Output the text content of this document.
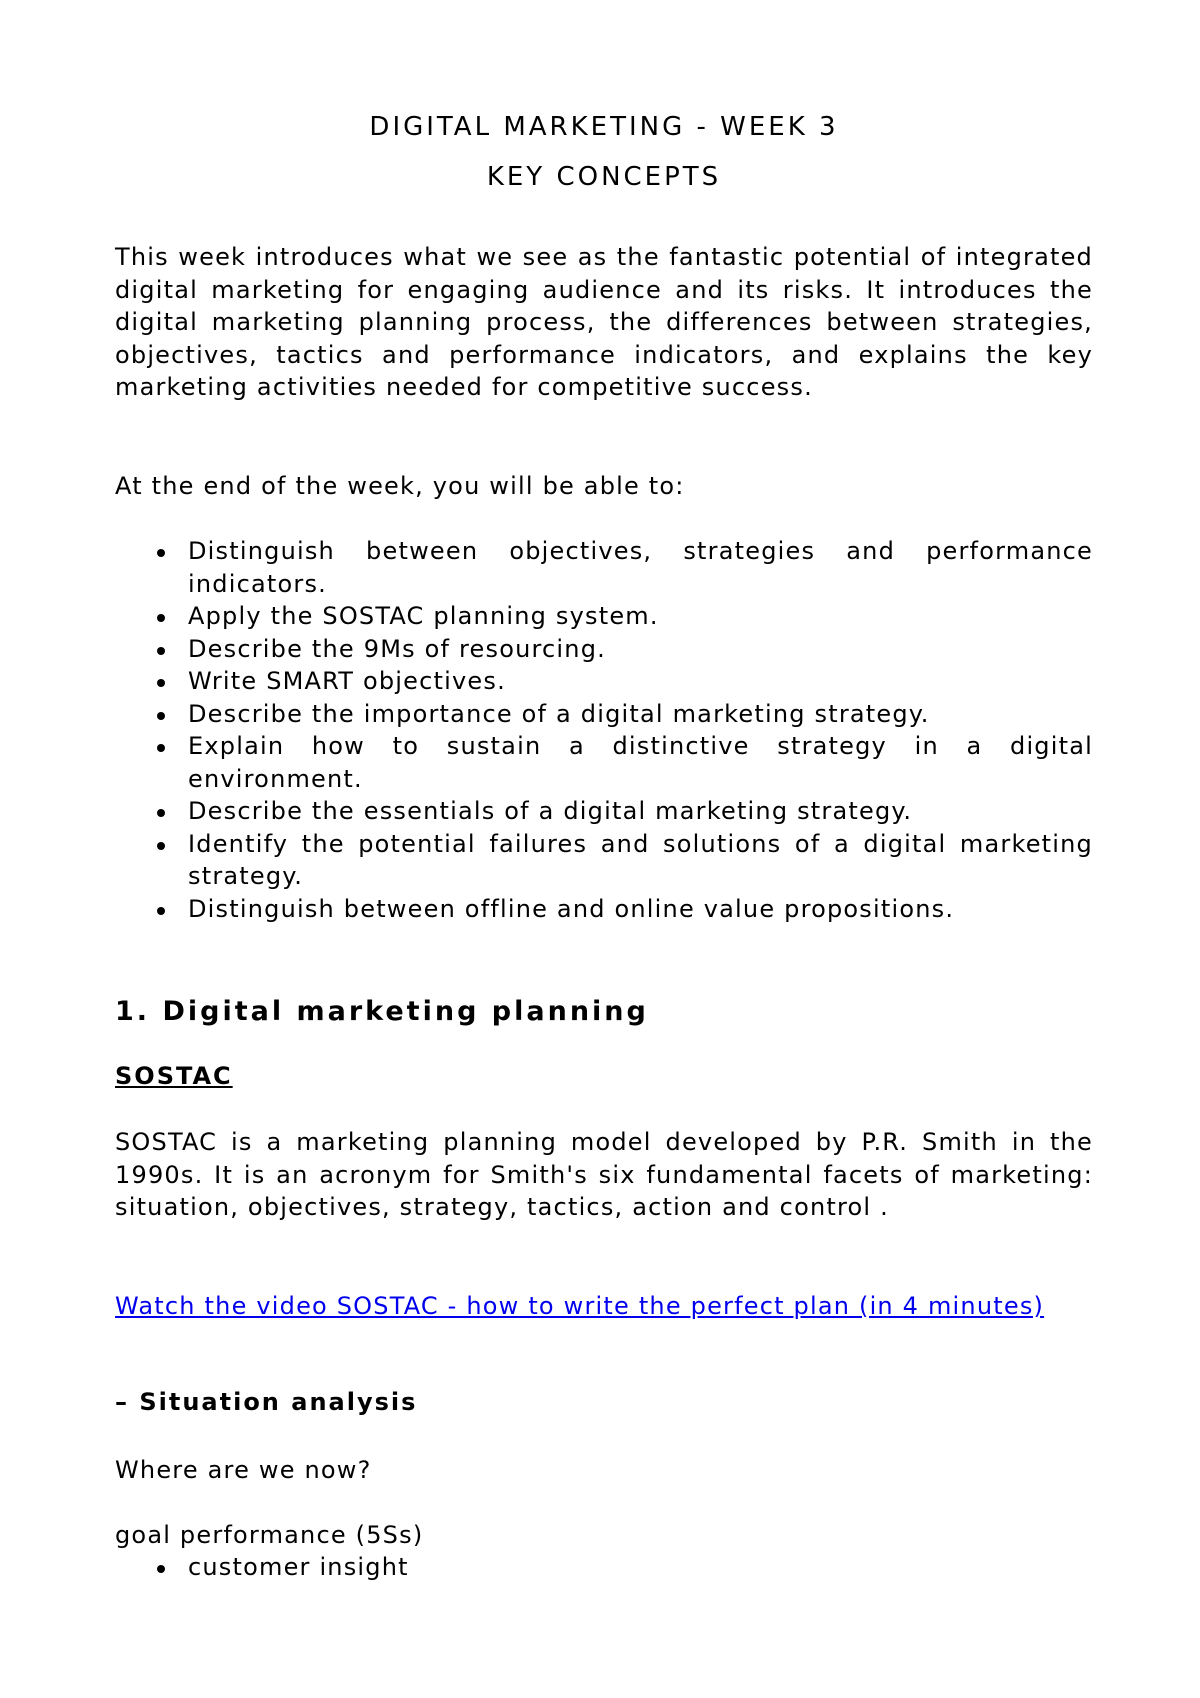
DIGITAL MARKETING - WEEK 3
KEY CONCEPTS

This week introduces what we see as the fantastic potential of integrated digital marketing for engaging audience and its risks. It introduces the digital marketing planning process, the differences between strategies, objectives, tactics and performance indicators, and explains the key marketing activities needed for competitive success.

At the end of the week, you will be able to:

Distinguish between objectives, strategies and performance indicators.
Apply the SOSTAC planning system.
Describe the 9Ms of resourcing.
Write SMART objectives.
Describe the importance of a digital marketing strategy.
Explain how to sustain a distinctive strategy in a digital environment.
Describe the essentials of a digital marketing strategy.
Identify the potential failures and solutions of a digital marketing strategy.
Distinguish between offline and online value propositions.
1. Digital marketing planning
SOSTAC

SOSTAC is a marketing planning model developed by P.R. Smith in the 1990s. It is an acronym for Smith's six fundamental facets of marketing: situation, objectives, strategy, tactics, action and control .

Watch the video SOSTAC - how to write the perfect plan (in 4 minutes)
– Situation analysis

Where are we now?

goal performance (5Ss)

customer insight
